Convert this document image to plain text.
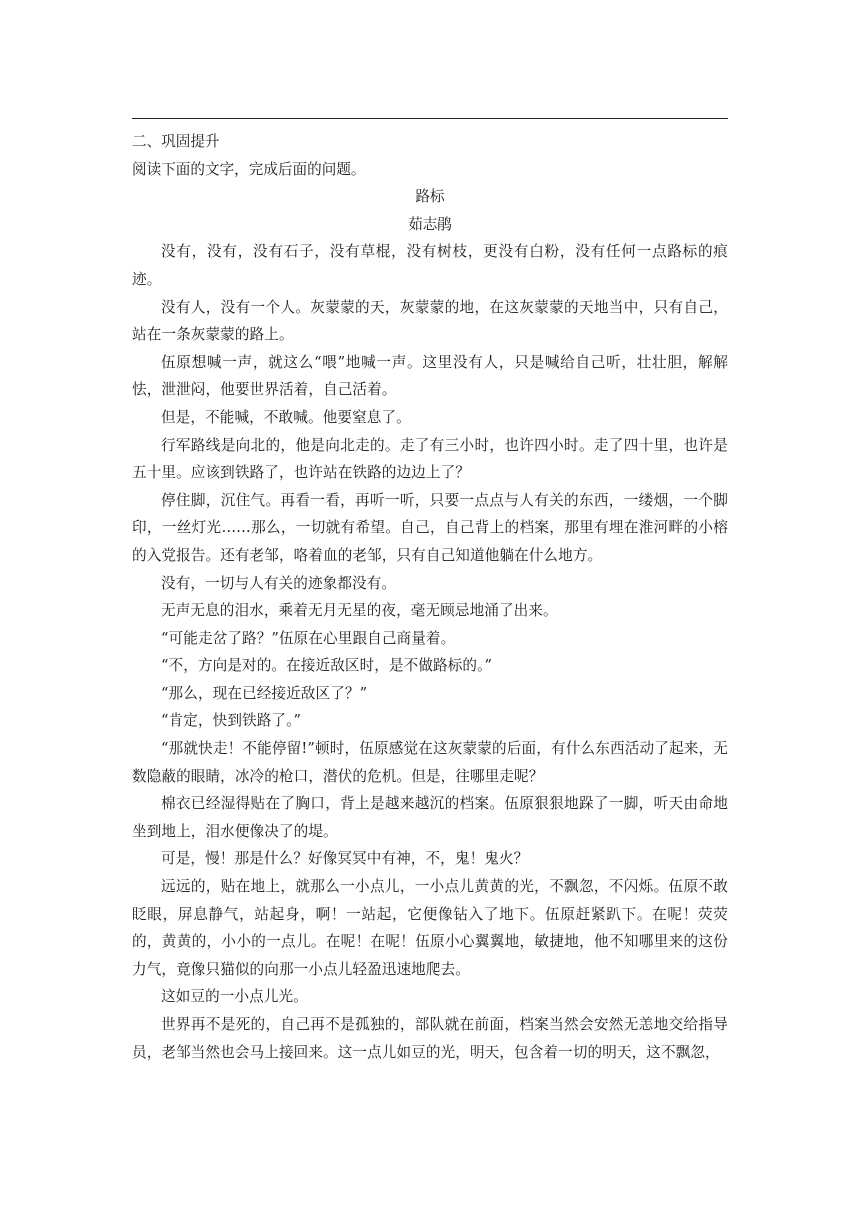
二、巩固提升

阅读下面的文字，完成后面的问题。

路标

茹志鹃

没有，没有，没有石子，没有草棍，没有树枝，更没有白粉，没有任何一点路标的痕迹。

没有人，没有一个人。灰蒙蒙的天，灰蒙蒙的地，在这灰蒙蒙的天地当中，只有自己，站在一条灰蒙蒙的路上。

伍原想喊一声，就这么“喂”地喊一声。这里没有人，只是喊给自己听，壮壮胆，解解怯，泄泄闷，他要世界活着，自己活着。

但是，不能喊，不敢喊。他要窒息了。

行军路线是向北的，他是向北走的。走了有三小时，也许四小时。走了四十里，也许是五十里。应该到铁路了，也许站在铁路的边边上了？

停住脚，沉住气。再看一看，再听一听，只要一点点与人有关的东西，一缕烟，一个脚印，一丝灯光……那么，一切就有希望。自己，自己背上的档案，那里有埋在淮河畔的小榕的入党报告。还有老邹，咯着血的老邹，只有自己知道他躺在什么地方。

没有，一切与人有关的迹象都没有。

无声无息的泪水，乘着无月无星的夜，毫无顾忌地涌了出来。

“可能走岔了路？”伍原在心里跟自己商量着。

“不，方向是对的。在接近敌区时，是不做路标的。”

“那么，现在已经接近敌区了？”

“肯定，快到铁路了。”

“那就快走！不能停留!”顿时，伍原感觉在这灰蒙蒙的后面，有什么东西活动了起来，无数隐蔽的眼睛，冰冷的枪口，潜伏的危机。但是，往哪里走呢？

棉衣已经湿得贴在了胸口，背上是越来越沉的档案。伍原狠狠地跺了一脚，听天由命地坐到地上，泪水便像决了的堤。

可是，慢！那是什么？好像冥冥中有神，不，鬼！鬼火？

远远的，贴在地上，就那么一小点儿，一小点儿黄黄的光，不飘忽，不闪烁。伍原不敢眨眼，屏息静气，站起身，啊！一站起，它便像钻入了地下。伍原赶紧趴下。在呢！荧荧的，黄黄的，小小的一点儿。在呢！在呢！伍原小心翼翼地，敏捷地，他不知哪里来的这份力气，竟像只猫似的向那一小点儿轻盈迅速地爬去。

这如豆的一小点儿光。

世界再不是死的，自己再不是孤独的，部队就在前面，档案当然会安然无恙地交给指导员，老邹当然也会马上接回来。这一点儿如豆的光，明天，包含着一切的明天，这不飘忽，
